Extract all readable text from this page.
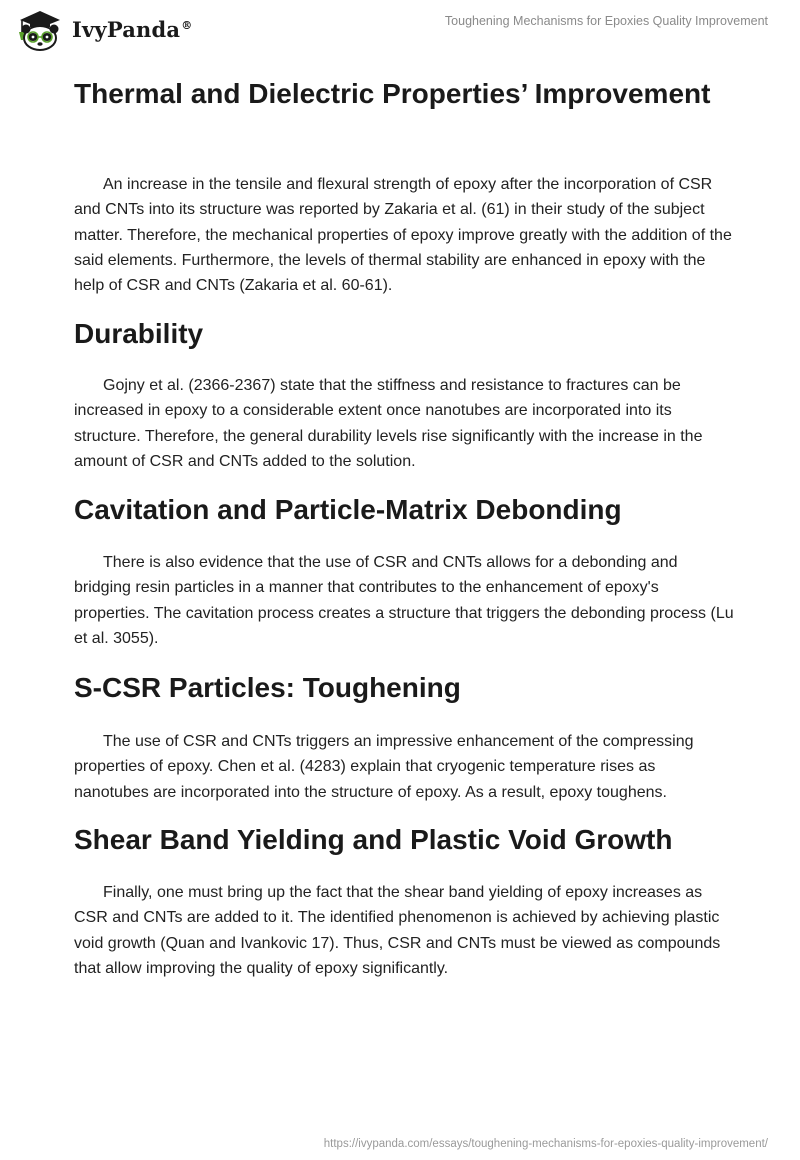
IvyPanda®	Toughening Mechanisms for Epoxies Quality Improvement
Thermal and Dielectric Properties’ Improvement

An increase in the tensile and flexural strength of epoxy after the incorporation of CSR and CNTs into its structure was reported by Zakaria et al. (61) in their study of the subject matter. Therefore, the mechanical properties of epoxy improve greatly with the addition of the said elements. Furthermore, the levels of thermal stability are enhanced in epoxy with the help of CSR and CNTs (Zakaria et al. 60-61).

Durability

Gojny et al. (2366-2367) state that the stiffness and resistance to fractures can be increased in epoxy to a considerable extent once nanotubes are incorporated into its structure. Therefore, the general durability levels rise significantly with the increase in the amount of CSR and CNTs added to the solution.

Cavitation and Particle-Matrix Debonding

There is also evidence that the use of CSR and CNTs allows for a debonding and bridging resin particles in a manner that contributes to the enhancement of epoxy's properties. The cavitation process creates a structure that triggers the debonding process (Lu et al. 3055).

S-CSR Particles: Toughening

The use of CSR and CNTs triggers an impressive enhancement of the compressing properties of epoxy. Chen et al. (4283) explain that cryogenic temperature rises as nanotubes are incorporated into the structure of epoxy. As a result, epoxy toughens.

Shear Band Yielding and Plastic Void Growth

Finally, one must bring up the fact that the shear band yielding of epoxy increases as CSR and CNTs are added to it. The identified phenomenon is achieved by achieving plastic void growth (Quan and Ivankovic 17). Thus, CSR and CNTs must be viewed as compounds that allow improving the quality of epoxy significantly.

https://ivypanda.com/essays/toughening-mechanisms-for-epoxies-quality-improvement/
